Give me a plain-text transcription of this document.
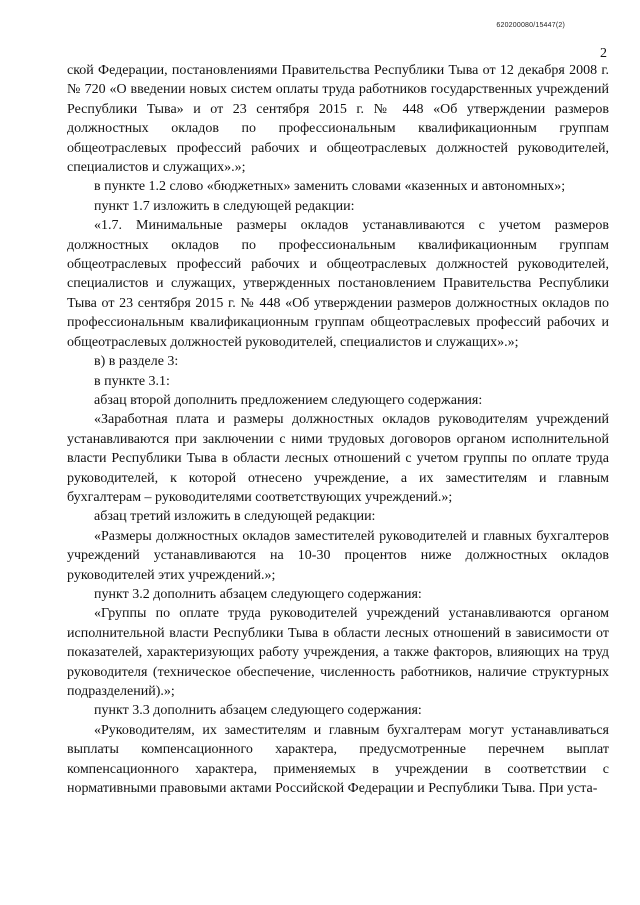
620200080/15447(2)
2

ской Федерации, постановлениями Правительства Республики Тыва от 12 декабря 2008 г. № 720 «О введении новых систем оплаты труда работников государственных учреждений Республики Тыва» и от 23 сентября 2015 г. № 448 «Об утверждении размеров должностных окладов по профессиональным квалификационным группам общеотраслевых профессий рабочих и общеотраслевых должностей руководителей, специалистов и служащих».»;

в пункте 1.2 слово «бюджетных» заменить словами «казенных и автономных»;

пункт 1.7 изложить в следующей редакции:

«1.7. Минимальные размеры окладов устанавливаются с учетом размеров должностных окладов по профессиональным квалификационным группам общеотраслевых профессий рабочих и общеотраслевых должностей руководителей, специалистов и служащих, утвержденных постановлением Правительства Республики Тыва от 23 сентября 2015 г. № 448 «Об утверждении размеров должностных окладов по профессиональным квалификационным группам общеотраслевых профессий рабочих и общеотраслевых должностей руководителей, специалистов и служащих».»;

в) в разделе 3:

в пункте 3.1:

абзац второй дополнить предложением следующего содержания:

«Заработная плата и размеры должностных окладов руководителям учреждений устанавливаются при заключении с ними трудовых договоров органом исполнительной власти Республики Тыва в области лесных отношений с учетом группы по оплате труда руководителей, к которой отнесено учреждение, а их заместителям и главным бухгалтерам – руководителями соответствующих учреждений.»;

абзац третий изложить в следующей редакции:

«Размеры должностных окладов заместителей руководителей и главных бухгалтеров учреждений устанавливаются на 10-30 процентов ниже должностных окладов руководителей этих учреждений.»;

пункт 3.2 дополнить абзацем следующего содержания:

«Группы по оплате труда руководителей учреждений устанавливаются органом исполнительной власти Республики Тыва в области лесных отношений в зависимости от показателей, характеризующих работу учреждения, а также факторов, влияющих на труд руководителя (техническое обеспечение, численность работников, наличие структурных подразделений).»;

пункт 3.3 дополнить абзацем следующего содержания:

«Руководителям, их заместителям и главным бухгалтерам могут устанавливаться выплаты компенсационного характера, предусмотренные перечнем выплат компенсационного характера, применяемых в учреждении в соответствии с нормативными правовыми актами Российской Федерации и Республики Тыва. При уста-
